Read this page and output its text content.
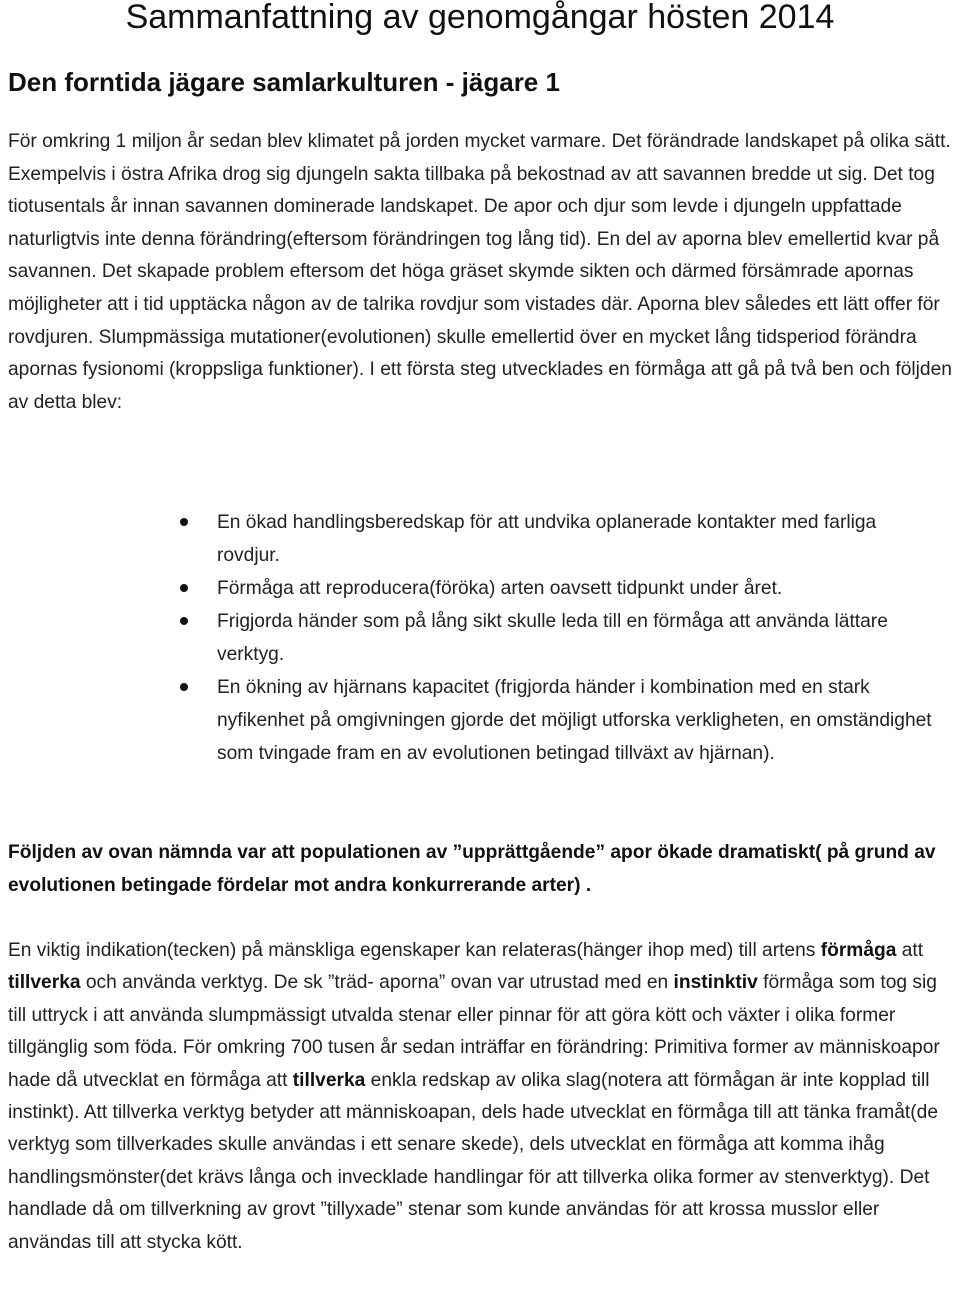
Sammanfattning av genomgångar hösten 2014
Den forntida jägare samlarkulturen - jägare 1

För omkring 1 miljon år sedan blev klimatet på jorden mycket varmare. Det förändrade landskapet på olika sätt. Exempelvis i östra Afrika drog sig djungeln sakta tillbaka på bekostnad av att savannen bredde ut sig. Det tog tiotusentals år innan savannen dominerade landskapet. De apor och djur som levde i djungeln uppfattade naturligtvis inte denna förändring(eftersom förändringen tog lång tid). En del av aporna blev emellertid kvar på savannen. Det skapade problem eftersom det höga gräset skymde sikten och därmed försämrade apornas möjligheter att i tid upptäcka någon av de talrika rovdjur som vistades där. Aporna blev således ett lätt offer för rovdjuren. Slumpmässiga mutationer(evolutionen) skulle emellertid över en mycket lång tidsperiod förändra apornas fysionomi (kroppsliga funktioner). I ett första steg utvecklades en förmåga att gå på två ben och följden av detta blev:

En ökad handlingsberedskap för att undvika oplanerade kontakter med farliga rovdjur.
Förmåga att reproducera(föröka) arten oavsett tidpunkt under året.
Frigjorda händer som på lång sikt skulle leda till en förmåga att använda lättare verktyg.
En ökning av hjärnans kapacitet (frigjorda händer i kombination med en stark nyfikenhet på omgivningen gjorde det möjligt utforska verkligheten, en omständighet som tvingade fram en av evolutionen betingad tillväxt av hjärnan).

Följden av ovan nämnda var att populationen av ”upprättgående” apor ökade dramatiskt( på grund av evolutionen betingade fördelar mot andra konkurrerande arter) .

En viktig indikation(tecken) på mänskliga egenskaper kan relateras(hänger ihop med) till artens förmåga att tillverka och använda verktyg. De sk ”träd- aporna” ovan var utrustad med en instinktiv förmåga som tog sig till uttryck i att använda slumpmässigt utvalda stenar eller pinnar för att göra kött och växter i olika former tillgänglig som föda. För omkring 700 tusen år sedan inträffar en förändring: Primitiva former av människoapor hade då utvecklat en förmåga att tillverka enkla redskap av olika slag(notera att förmågan är inte kopplad till instinkt). Att tillverka verktyg betyder att människoapan, dels hade utvecklat en förmåga till att tänka framåt(de verktyg som tillverkades skulle användas i ett senare skede), dels utvecklat en förmåga att komma ihåg handlingsmönster(det krävs långa och invecklade handlingar för att tillverka olika former av stenverktyg). Det handlade då om tillverkning av grovt ”tillyxade” stenar som kunde användas för att krossa musslor eller användas till att stycka kött.
